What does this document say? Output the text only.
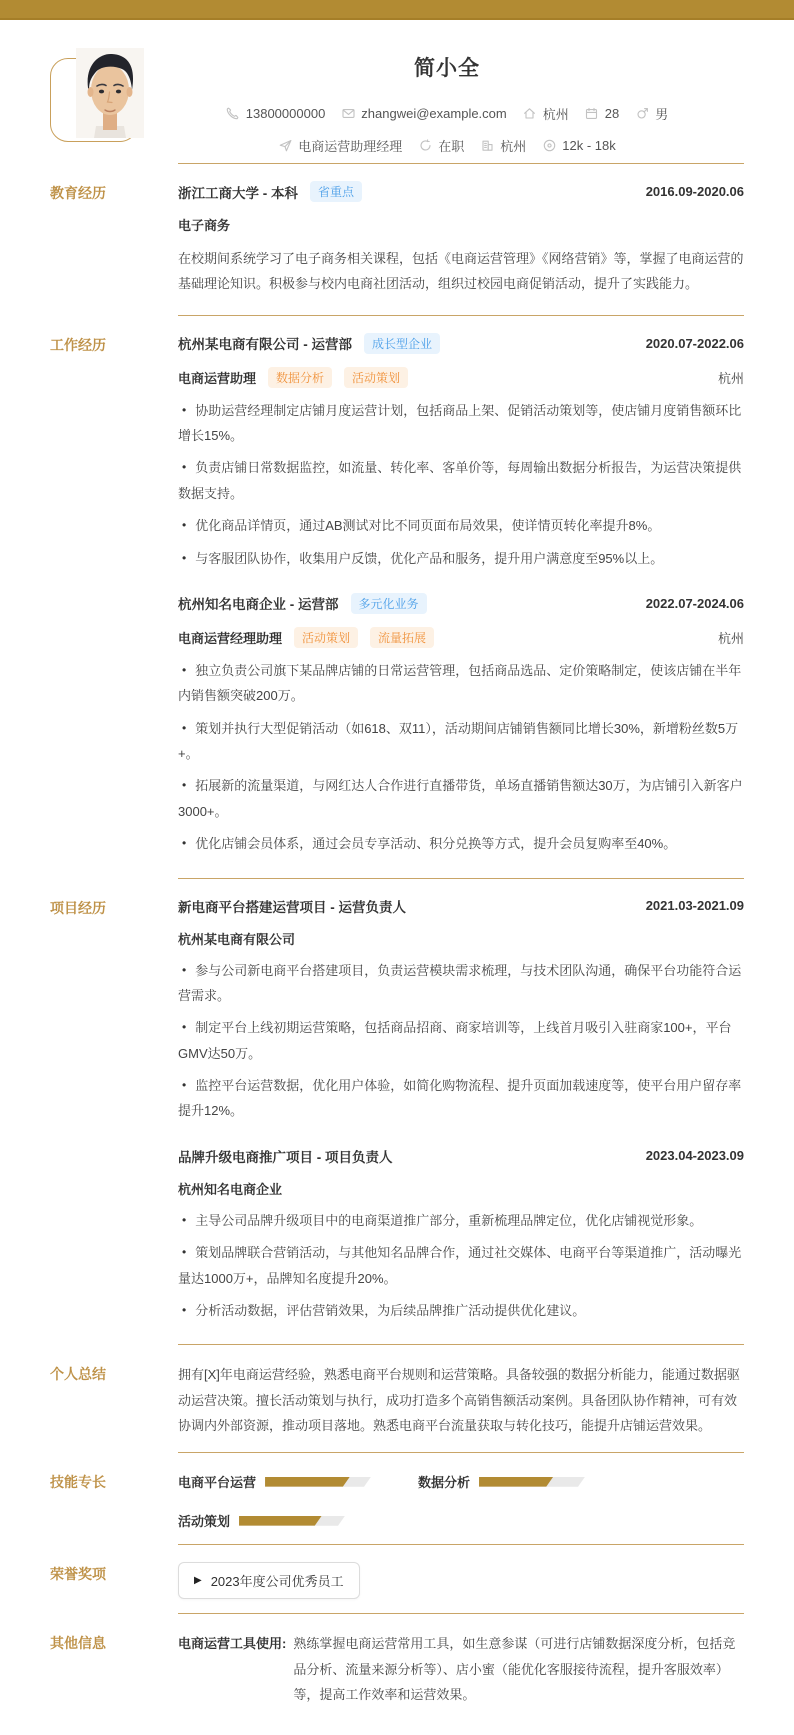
简小全
13800000000	zhangwei@example.com	杭州	28	男
电商运营助理经理	在职	杭州	12k - 18k
教育经历	浙江工商大学 - 本科	省重点	2016.09-2020.06
电子商务
在校期间系统学习了电子商务相关课程，包括《电商运营管理》《网络营销》等，掌握了电商运营的基础理论知识。积极参与校内电商社团活动，组织过校园电商促销活动，提升了实践能力。
工作经历	杭州某电商有限公司 - 运营部	成长型企业	2020.07-2022.06
电商运营助理	数据分析	活动策划	杭州
• 协助运营经理制定店铺月度运营计划，包括商品上架、促销活动策划等，使店铺月度销售额环比增长15%。
• 负责店铺日常数据监控，如流量、转化率、客单价等，每周输出数据分析报告，为运营决策提供数据支持。
• 优化商品详情页，通过AB测试对比不同页面布局效果，使详情页转化率提升8%。
• 与客服团队协作，收集用户反馈，优化产品和服务，提升用户满意度至95%以上。
杭州知名电商企业 - 运营部	多元化业务	2022.07-2024.06
电商运营经理助理	活动策划	流量拓展	杭州
• 独立负责公司旗下某品牌店铺的日常运营管理，包括商品选品、定价策略制定，使该店铺在半年内销售额突破200万。
• 策划并执行大型促销活动（如618、双11），活动期间店铺销售额同比增长30%，新增粉丝数5万+。
• 拓展新的流量渠道，与网红达人合作进行直播带货，单场直播销售额达30万，为店铺引入新客户3000+。
• 优化店铺会员体系，通过会员专享活动、积分兑换等方式，提升会员复购率至40%。
项目经历	新电商平台搭建运营项目 - 运营负责人	2021.03-2021.09
杭州某电商有限公司
• 参与公司新电商平台搭建项目，负责运营模块需求梳理，与技术团队沟通，确保平台功能符合运营需求。
• 制定平台上线初期运营策略，包括商品招商、商家培训等，上线首月吸引入驻商家100+，平台GMV达50万。
• 监控平台运营数据，优化用户体验，如简化购物流程、提升页面加载速度等，使平台用户留存率提升12%。
品牌升级电商推广项目 - 项目负责人	2023.04-2023.09
杭州知名电商企业
• 主导公司品牌升级项目中的电商渠道推广部分，重新梳理品牌定位，优化店铺视觉形象。
• 策划品牌联合营销活动，与其他知名品牌合作，通过社交媒体、电商平台等渠道推广，活动曝光量达1000万+，品牌知名度提升20%。
• 分析活动数据，评估营销效果，为后续品牌推广活动提供优化建议。
个人总结	拥有[X]年电商运营经验，熟悉电商平台规则和运营策略。具备较强的数据分析能力，能通过数据驱动运营决策。擅长活动策划与执行，成功打造多个高销售额活动案例。具备团队协作精神，可有效协调内外部资源，推动项目落地。熟悉电商平台流量获取与转化技巧，能提升店铺运营效果。
技能专长	电商平台运营	数据分析
活动策划
荣誉奖项	▶ 2023年度公司优秀员工
其他信息	电商运营工具使用: 熟练掌握电商运营常用工具，如生意参谋（可进行店铺数据深度分析，包括竞品分析、流量来源分析等）、店小蜜（能优化客服接待流程，提升客服效率）等，提高工作效率和运营效果。
